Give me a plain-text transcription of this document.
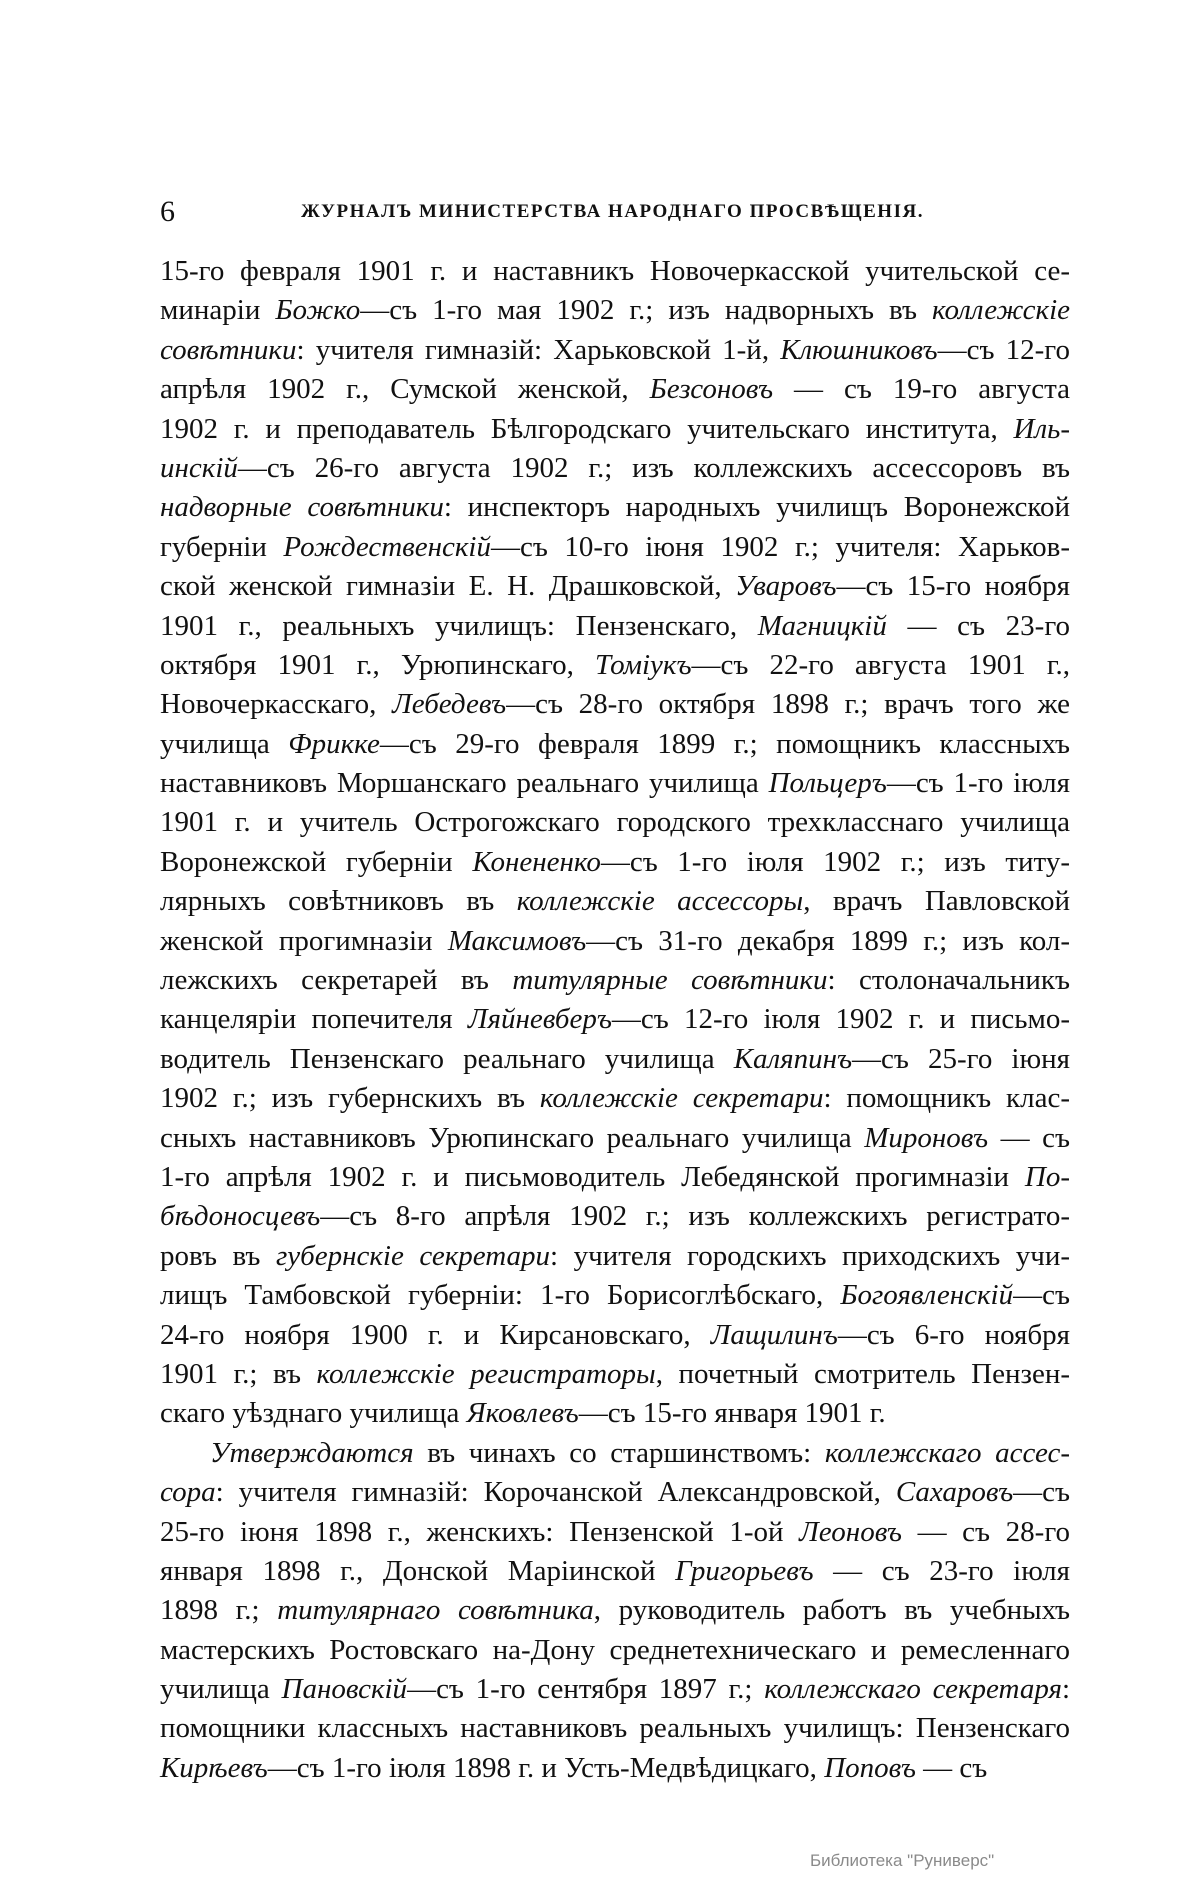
6	ЖУРНАЛЪ МИНИСТЕРСТВА НАРОДНАГО ПРОСВѢЩЕНІЯ.
15-го февраля 1901 г. и наставникъ Новочеркасской учительской се-
минаріи Божко—съ 1-го мая 1902 г.; изъ надворныхъ въ коллежскіе
совѣтники: учителя гимназій: Харьковской 1-й, Клюшниковъ—съ 12-го
апрѣля 1902 г., Сумской женской, Безсоновъ — съ 19-го августа
1902 г. и преподаватель Бѣлгородскаго учительскаго института, Иль-
инскій—съ 26-го августа 1902 г.; изъ коллежскихъ ассессоровъ въ
надворные совѣтники: инспекторъ народныхъ училищъ Воронежской
губерніи Рождественскій—съ 10-го іюня 1902 г.; учителя: Харьков-
ской женской гимназіи Е. Н. Драшковской, Уваровъ—съ 15-го ноября
1901 г., реальныхъ училищъ: Пензенскаго, Магницкій — съ 23-го
октября 1901 г., Урюпинскаго, Томіукъ—съ 22-го августа 1901 г.,
Новочеркасскаго, Лебедевъ—съ 28-го октября 1898 г.; врачъ того же
училища Фрикке—съ 29-го февраля 1899 г.; помощникъ классныхъ
наставниковъ Моршанскаго реальнаго училища Польцеръ—съ 1-го іюля
1901 г. и учитель Острогожскаго городского трехкласснаго училища
Воронежской губерніи Конененко—съ 1-го іюля 1902 г.; изъ титу-
лярныхъ совѣтниковъ въ коллежскіе ассессоры, врачъ Павловской
женской прогимназіи Максимовъ—съ 31-го декабря 1899 г.; изъ кол-
лежскихъ секретарей въ титулярные совѣтники: столоначальникъ
канцеляріи попечителя Ляйневберъ—съ 12-го іюля 1902 г. и письмо-
водитель Пензенскаго реальнаго училища Каляпинъ—съ 25-го іюня
1902 г.; изъ губернскихъ въ коллежскіе секретари: помощникъ клас-
сныхъ наставниковъ Урюпинскаго реальнаго училища Мироновъ — съ
1-го апрѣля 1902 г. и письмоводитель Лебедянской прогимназіи По-
бѣдоносцевъ—съ 8-го апрѣля 1902 г.; изъ коллежскихъ регистрато-
ровъ въ губернскіе секретари: учителя городскихъ приходскихъ учи-
лищъ Тамбовской губерніи: 1-го Борисоглѣбскаго, Богоявленскій—съ
24-го ноября 1900 г. и Кирсановскаго, Лащилинъ—съ 6-го ноября
1901 г.; въ коллежскіе регистраторы, почетный смотритель Пензен-
скаго уѣзднаго училища Яковлевъ—съ 15-го января 1901 г.
Утверждаются въ чинахъ со старшинствомъ: коллежскаго ассес-
сора: учителя гимназій: Корочанской Александровской, Сахаровъ—съ
25-го іюня 1898 г., женскихъ: Пензенской 1-ой Леоновъ — съ 28-го
января 1898 г., Донской Маріинской Григорьевъ — съ 23-го іюля
1898 г.; титулярнаго совѣтника, руководитель работъ въ учебныхъ
мастерскихъ Ростовскаго на-Дону среднетехническаго и ремесленнаго
училища Пановскій—съ 1-го сентября 1897 г.; коллежскаго секретаря:
помощники классныхъ наставниковъ реальныхъ училищъ: Пензенскаго
Кирѣевъ—съ 1-го іюля 1898 г. и Усть-Медвѣдицкаго, Поповъ — съ
Библиотека "Руниверс"
